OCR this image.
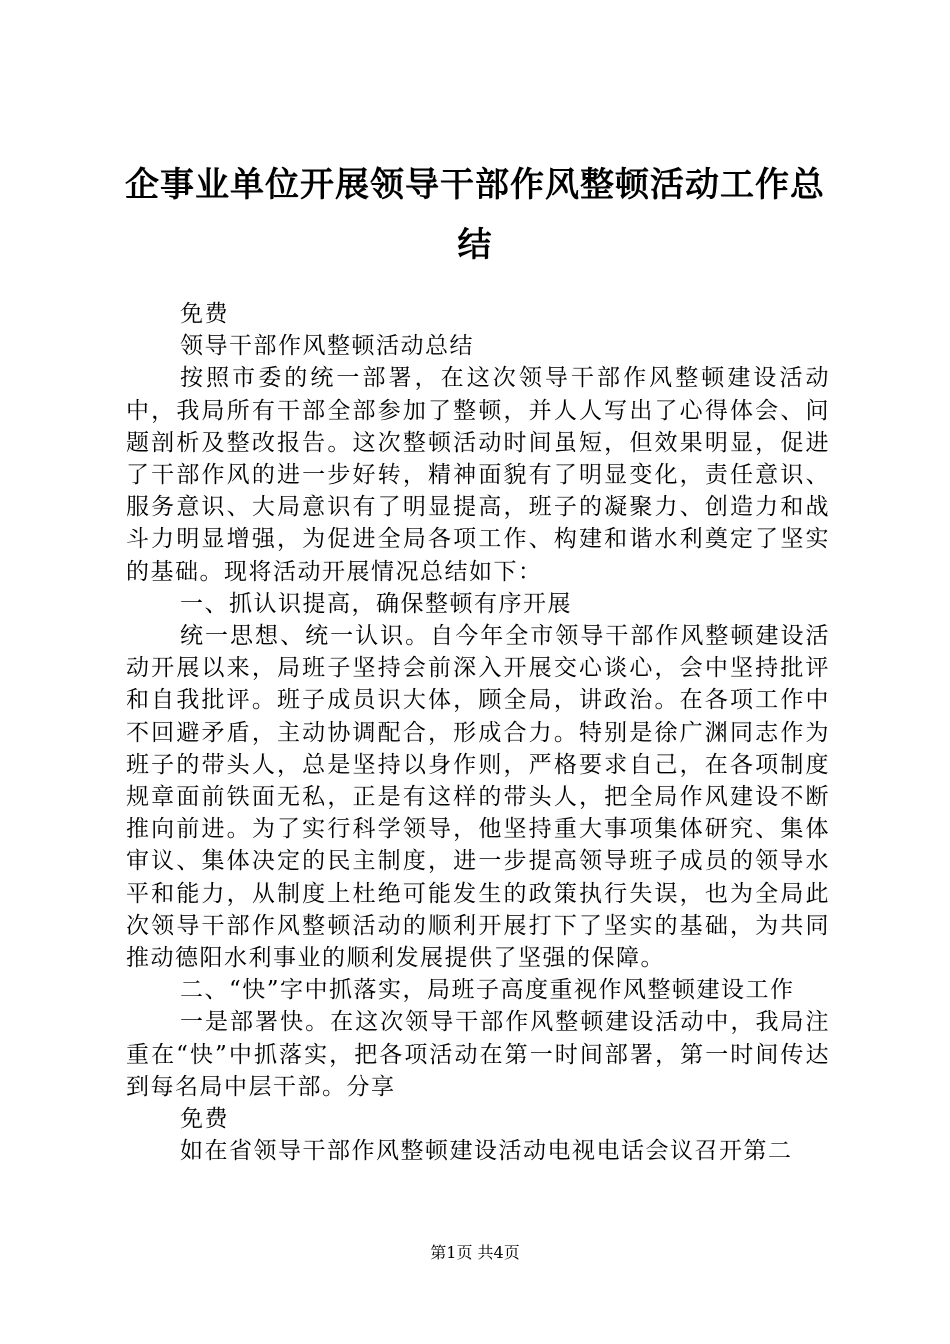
企事业单位开展领导干部作风整顿活动工作总结

免费

领导干部作风整顿活动总结

按照市委的统一部署，在这次领导干部作风整顿建设活动中，我局所有干部全部参加了整顿，并人人写出了心得体会、问题剖析及整改报告。这次整顿活动时间虽短，但效果明显，促进了干部作风的进一步好转，精神面貌有了明显变化，责任意识、服务意识、大局意识有了明显提高，班子的凝聚力、创造力和战斗力明显增强，为促进全局各项工作、构建和谐水利奠定了坚实的基础。现将活动开展情况总结如下：

一、抓认识提高，确保整顿有序开展

统一思想、统一认识。自今年全市领导干部作风整顿建设活动开展以来，局班子坚持会前深入开展交心谈心，会中坚持批评和自我批评。班子成员识大体，顾全局，讲政治。在各项工作中不回避矛盾，主动协调配合，形成合力。特别是徐广渊同志作为班子的带头人，总是坚持以身作则，严格要求自己，在各项制度规章面前铁面无私，正是有这样的带头人，把全局作风建设不断推向前进。为了实行科学领导，他坚持重大事项集体研究、集体审议、集体决定的民主制度，进一步提高领导班子成员的领导水平和能力，从制度上杜绝可能发生的政策执行失误，也为全局此次领导干部作风整顿活动的顺利开展打下了坚实的基础，为共同推动德阳水利事业的顺利发展提供了坚强的保障。

二、“快”字中抓落实，局班子高度重视作风整顿建设工作

一是部署快。在这次领导干部作风整顿建设活动中，我局注重在“快”中抓落实，把各项活动在第一时间部署，第一时间传达到每名局中层干部。分享

免费

如在省领导干部作风整顿建设活动电视电话会议召开第二

第1页 共4页
